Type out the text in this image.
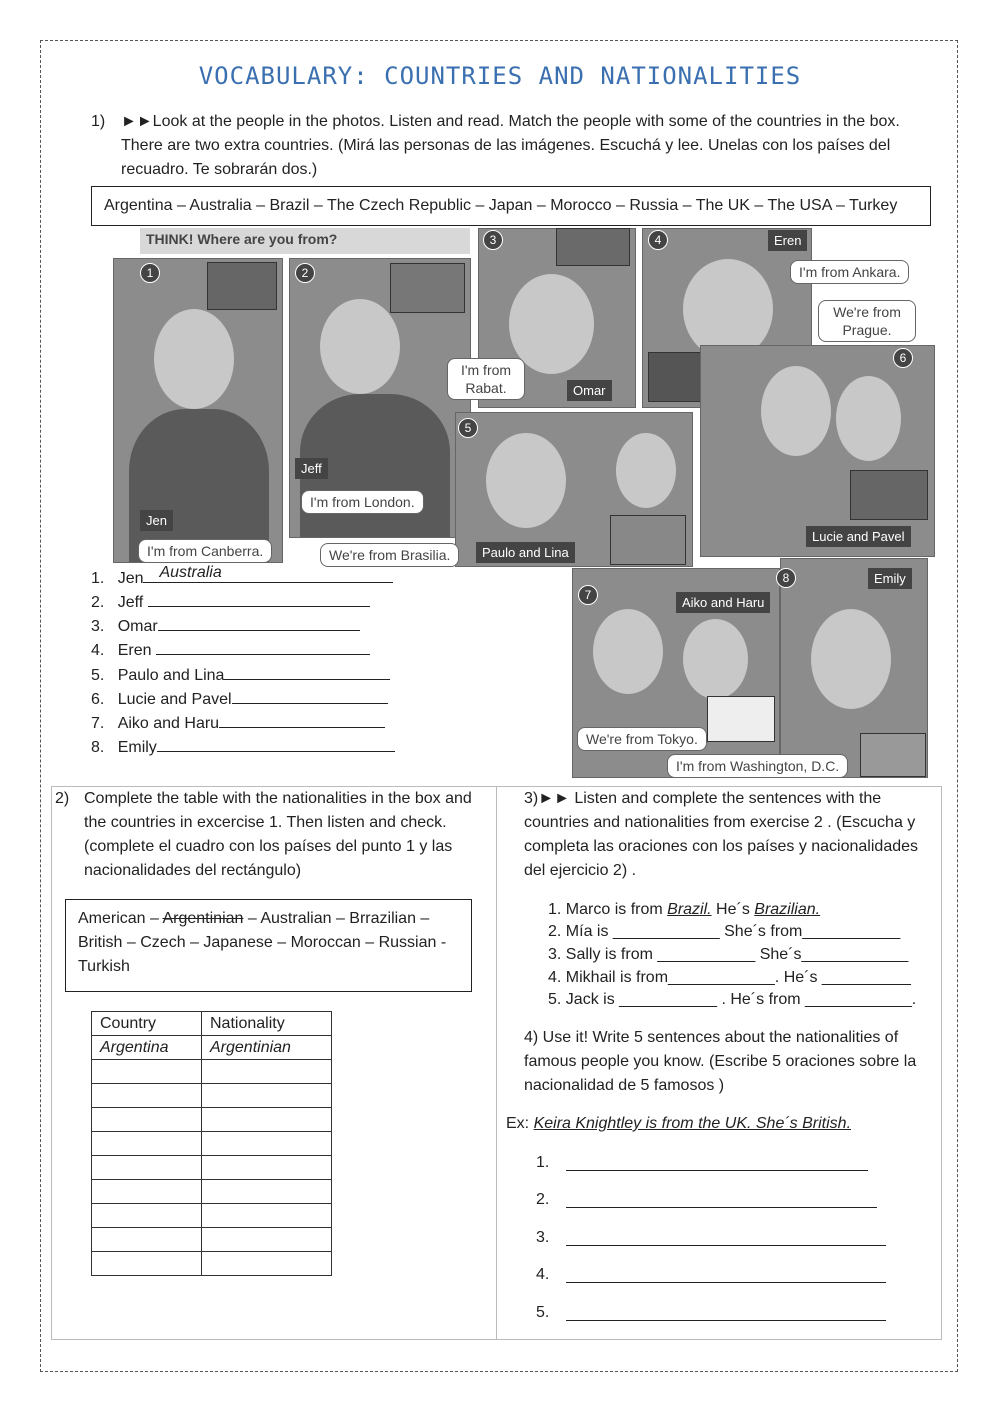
VOCABULARY: COUNTRIES AND NATIONALITIES
1) ►►Look at the people in the photos. Listen and read. Match the people with some of the countries in the box. There are two extra countries. (Mirá las personas de las imágenes. Escuchá y lee. Unelas con los países del recuadro. Te sobrarán dos.)
Argentina – Australia – Brazil – The Czech Republic – Japan – Morocco – Russia – The UK – The USA – Turkey
THINK! Where are you from?
1
Jen
I'm from Canberra.
2
Jeff
I'm from London.
3
Omar
I'm from Rabat.
4	Eren
I'm from Ankara.
5
Paulo and Lina
We're from Brasilia.
6
We're from Prague.
Lucie and Pavel
7	Aiko and Haru
We're from Tokyo.
8	Emily
I'm from Washington, D.C.
1. Jen Australia
2. Jeff
3. Omar
4. Eren
5. Paulo and Lina
6. Lucie and Pavel
7. Aiko and Haru
8. Emily
2) Complete the table with the nationalities in the box and the countries in excercise 1. Then listen and check. (complete el cuadro con los países del punto 1 y las nacionalidades del rectángulo)
American – Argentinian – Australian – Brrazilian – British – Czech – Japanese – Moroccan – Russian - Turkish
Country	Nationality
Argentina	Argentinian

3)►► Listen and complete the sentences with the countries and nationalities from exercise 2 . (Escucha y completa las oraciones con los países y nacionalidades del ejercicio 2) .
1. Marco is from Brazil. He´s Brazilian.
2. Mía is ____________ She´s from___________
3. Sally is from ___________ She´s____________
4. Mikhail is from____________. He´s __________
5. Jack is ___________ . He´s from ____________.
4) Use it! Write 5 sentences about the nationalities of famous people you know. (Escribe 5 oraciones sobre la nacionalidad de 5 famosos )
Ex: Keira Knightley is from the UK. She´s British.
1.
2.
3.
4.
5.
